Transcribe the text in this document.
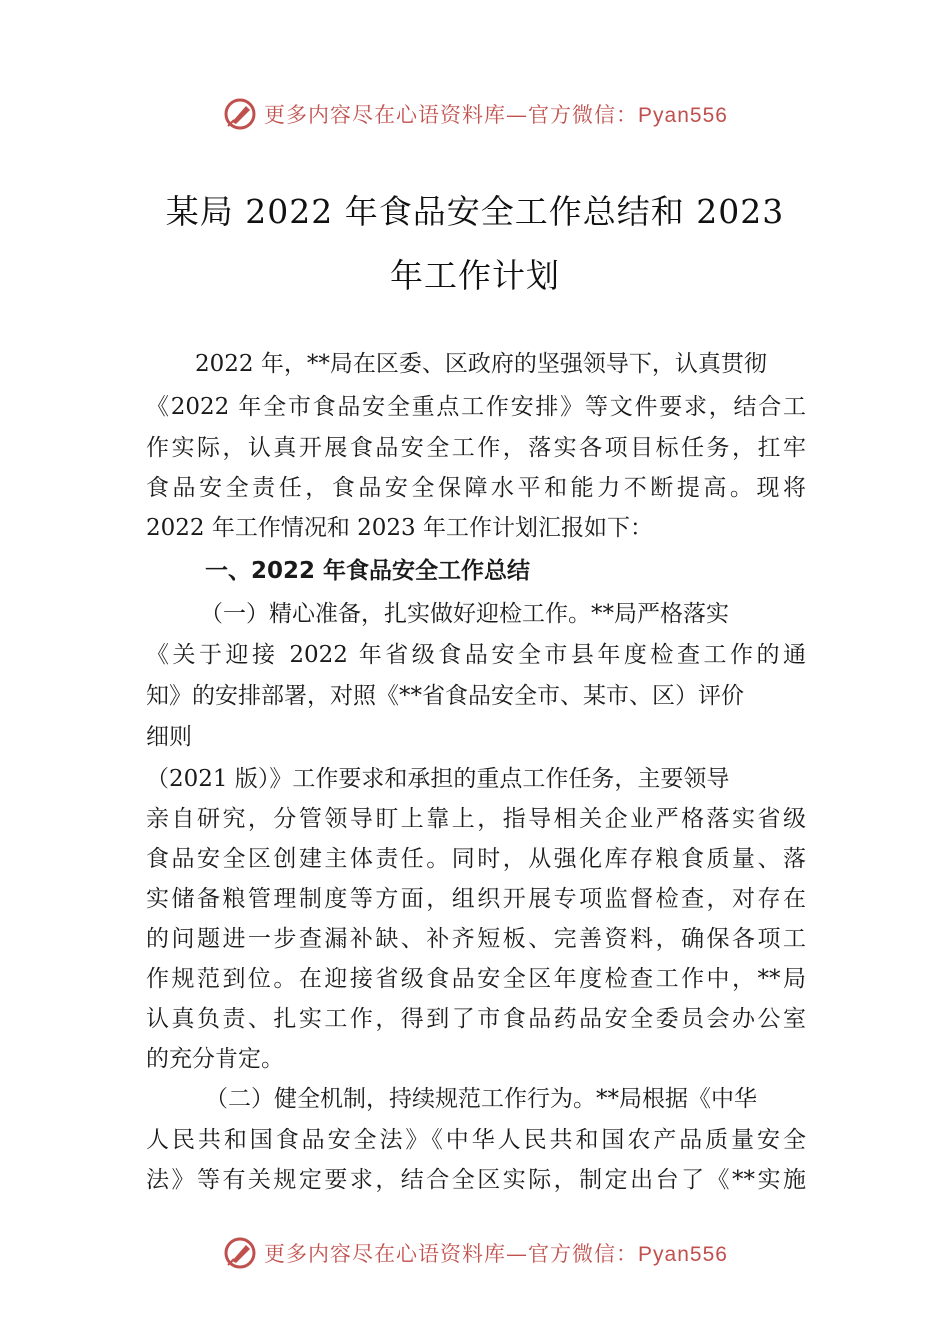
更多内容尽在心语资料库—官方微信：Pyan556
某局 2022 年食品安全工作总结和 2023
年工作计划
2022 年，**局在区委、区政府的坚强领导下，认真贯彻
《2022 年全市食品安全重点工作安排》等文件要求，结合工
作实际，认真开展食品安全工作，落实各项目标任务，扛牢
食品安全责任，食品安全保障水平和能力不断提高。现将
2022 年工作情况和 2023 年工作计划汇报如下：
一、2022 年食品安全工作总结
（一）精心准备，扎实做好迎检工作。**局严格落实
《关于迎接 2022 年省级食品安全市县年度检查工作的通
知》的安排部署，对照《**省食品安全市、某市、区）评价
细则
（2021 版）》工作要求和承担的重点工作任务，主要领导
亲自研究，分管领导盯上靠上，指导相关企业严格落实省级
食品安全区创建主体责任。同时，从强化库存粮食质量、落
实储备粮管理制度等方面，组织开展专项监督检查，对存在
的问题进一步查漏补缺、补齐短板、完善资料，确保各项工
作规范到位。在迎接省级食品安全区年度检查工作中，**局
认真负责、扎实工作，得到了市食品药品安全委员会办公室
的充分肯定。
（二）健全机制，持续规范工作行为。**局根据《中华
人民共和国食品安全法》《中华人民共和国农产品质量安全
法》等有关规定要求，结合全区实际，制定出台了《**实施
更多内容尽在心语资料库—官方微信：Pyan556
